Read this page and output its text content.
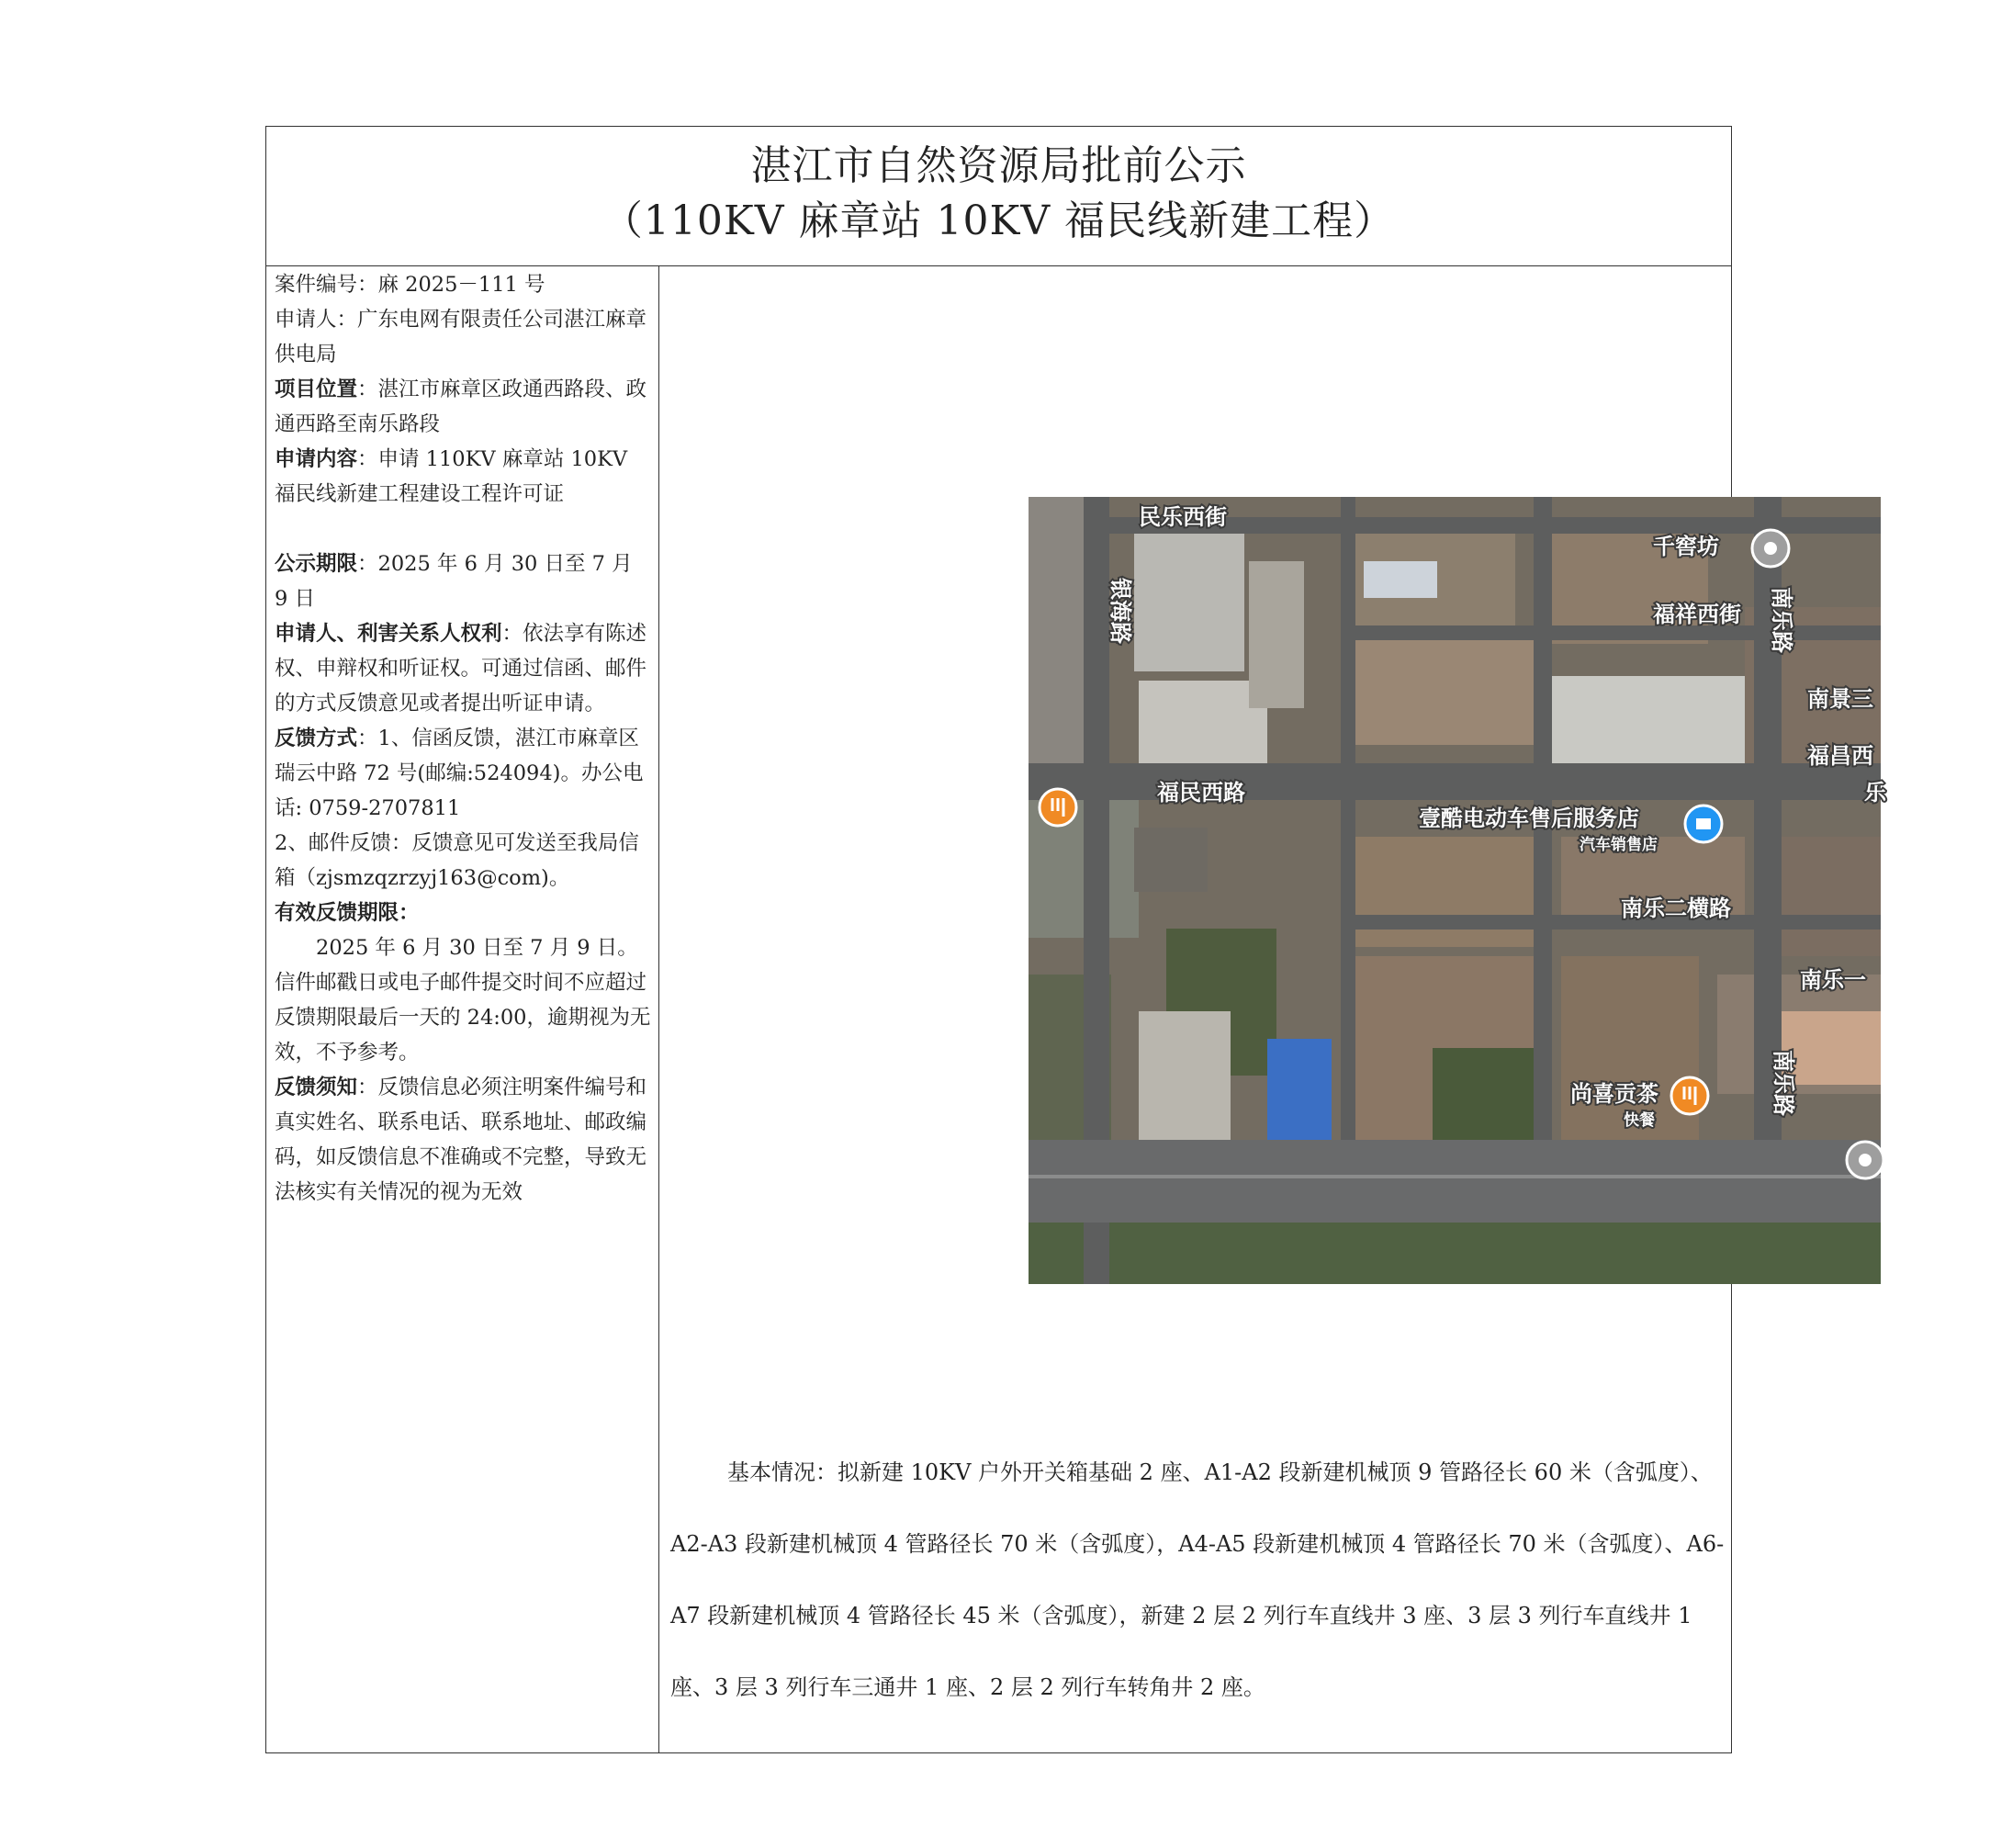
湛江市自然资源局批前公示
（110KV 麻章站 10KV 福民线新建工程）

案件编号：麻 2025－111 号

申请人：广东电网有限责任公司湛江麻章供电局

项目位置：湛江市麻章区政通西路段、政通西路至南乐路段

申请内容：申请 110KV 麻章站 10KV 福民线新建工程建设工程许可证

公示期限：2025 年 6 月 30 日至 7 月 9 日

申请人、利害关系人权利：依法享有陈述权、申辩权和听证权。可通过信函、邮件的方式反馈意见或者提出听证申请。

反馈方式：1、信函反馈，湛江市麻章区瑞云中路 72 号(邮编:524094)。办公电话: 0759-2707811

2、邮件反馈：反馈意见可发送至我局信箱（zjsmzqzrzyj163@com)。

有效反馈期限：

2025 年 6 月 30 日至 7 月 9 日。信件邮戳日或电子邮件提交时间不应超过反馈期限最后一天的 24:00，逾期视为无效，不予参考。

反馈须知：反馈信息必须注明案件编号和真实姓名、联系电话、联系地址、邮政编码，如反馈信息不准确或不完整，导致无法核实有关情况的视为无效

民乐西街
银海路
千窖坊
福祥西街 南乐路
南景三
福昌西
福民西路
壹酷电动车售后服务店
汽车销售店
南乐二横路
南乐一
尚喜贡茶
快餐
南乐路
乐

基本情况：拟新建 10KV 户外开关箱基础 2 座、A1-A2 段新建机械顶 9 管路径长 60 米（含弧度）、A2-A3 段新建机械顶 4 管路径长 70 米（含弧度），A4-A5 段新建机械顶 4 管路径长 70 米（含弧度）、A6-A7 段新建机械顶 4 管路径长 45 米（含弧度），新建 2 层 2 列行车直线井 3 座、3 层 3 列行车直线井 1 座、3 层 3 列行车三通井 1 座、2 层 2 列行车转角井 2 座。
